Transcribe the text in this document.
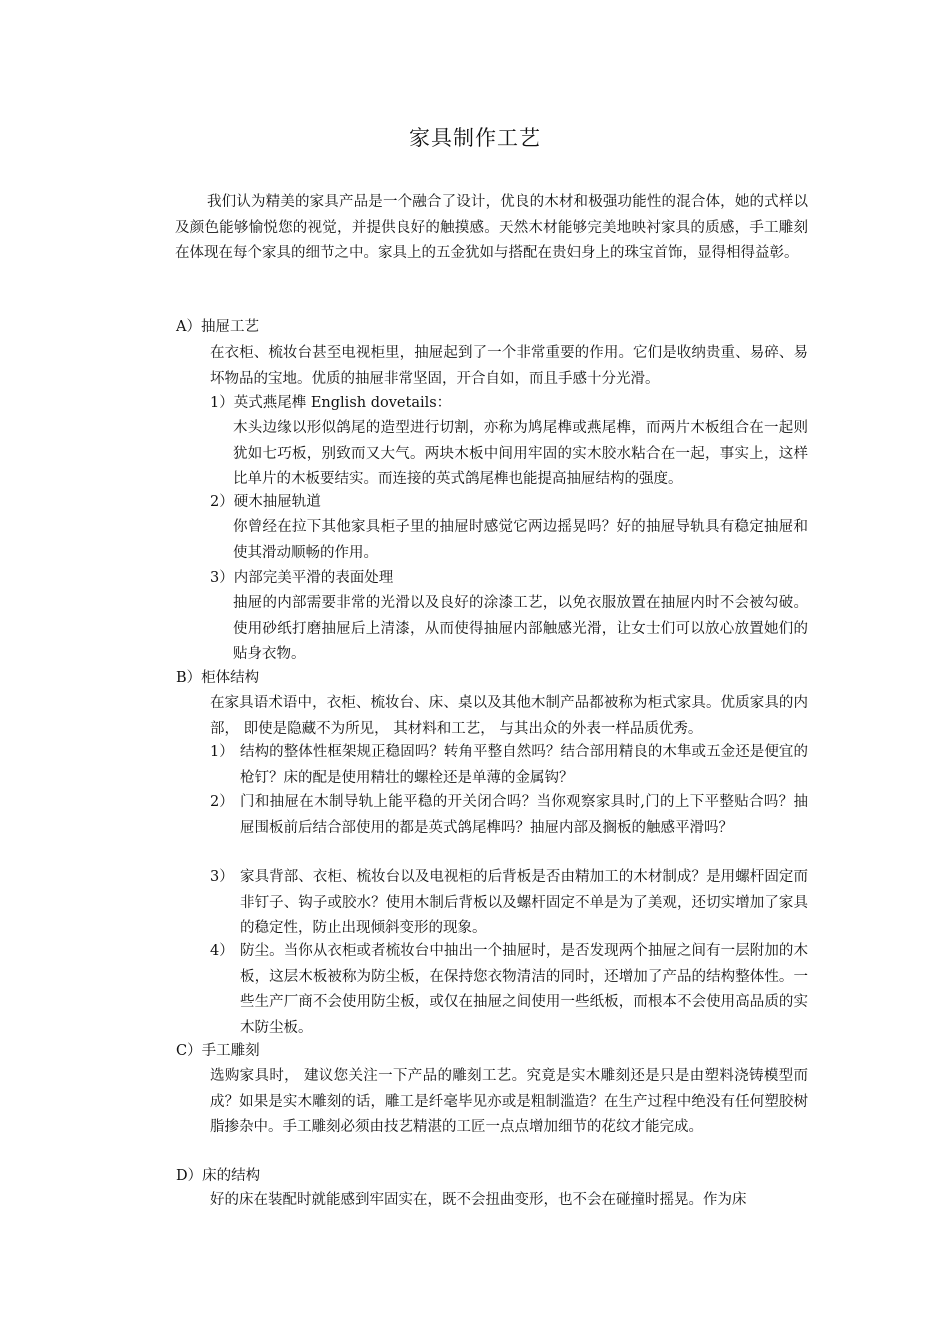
家具制作工艺
我们认为精美的家具产品是一个融合了设计，优良的木材和极强功能性的混合体，她的式样以及颜色能够愉悦您的视觉，并提供良好的触摸感。天然木材能够完美地映衬家具的质感，手工雕刻在体现在每个家具的细节之中。家具上的五金犹如与搭配在贵妇身上的珠宝首饰，显得相得益彰。
A）抽屉工艺
在衣柜、梳妆台甚至电视柜里，抽屉起到了一个非常重要的作用。它们是收纳贵重、易碎、易坏物品的宝地。优质的抽屉非常坚固，开合自如，而且手感十分光滑。
1）英式燕尾榫 English dovetails：
木头边缘以形似鸽尾的造型进行切割，亦称为鸠尾榫或燕尾榫，而两片木板组合在一起则犹如七巧板，别致而又大气。两块木板中间用牢固的实木胶水粘合在一起，事实上，这样比单片的木板要结实。而连接的英式鸽尾榫也能提高抽屉结构的强度。
2）硬木抽屉轨道
你曾经在拉下其他家具柜子里的抽屉时感觉它两边摇晃吗？好的抽屉导轨具有稳定抽屉和使其滑动顺畅的作用。
3）内部完美平滑的表面处理
抽屉的内部需要非常的光滑以及良好的涂漆工艺，以免衣服放置在抽屉内时不会被勾破。使用砂纸打磨抽屉后上清漆，从而使得抽屉内部触感光滑，让女士们可以放心放置她们的贴身衣物。
B）柜体结构
在家具语术语中，衣柜、梳妆台、床、桌以及其他木制产品都被称为柜式家具。优质家具的内部， 即使是隐藏不为所见， 其材料和工艺， 与其出众的外表一样品质优秀。
1） 结构的整体性框架规正稳固吗？转角平整自然吗？结合部用精良的木隼或五金还是便宜的枪钉？床的配是使用精壮的螺栓还是单薄的金属钩？
2） 门和抽屉在木制导轨上能平稳的开关闭合吗？当你观察家具时,门的上下平整贴合吗？抽屉围板前后结合部使用的都是英式鸽尾榫吗？抽屉内部及搁板的触感平滑吗？
3） 家具背部、衣柜、梳妆台以及电视柜的后背板是否由精加工的木材制成？是用螺杆固定而非钉子、钩子或胶水？使用木制后背板以及螺杆固定不单是为了美观，还切实增加了家具的稳定性，防止出现倾斜变形的现象。
4） 防尘。当你从衣柜或者梳妆台中抽出一个抽屉时，是否发现两个抽屉之间有一层附加的木板，这层木板被称为防尘板，在保持您衣物清洁的同时，还增加了产品的结构整体性。一些生产厂商不会使用防尘板，或仅在抽屉之间使用一些纸板，而根本不会使用高品质的实木防尘板。
C）手工雕刻
选购家具时， 建议您关注一下产品的雕刻工艺。究竟是实木雕刻还是只是由塑料浇铸模型而成？如果是实木雕刻的话，雕工是纤毫毕见亦或是粗制滥造？在生产过程中绝没有任何塑胶树脂掺杂中。手工雕刻必须由技艺精湛的工匠一点点增加细节的花纹才能完成。
D）床的结构
好的床在装配时就能感到牢固实在，既不会扭曲变形，也不会在碰撞时摇晃。作为床
